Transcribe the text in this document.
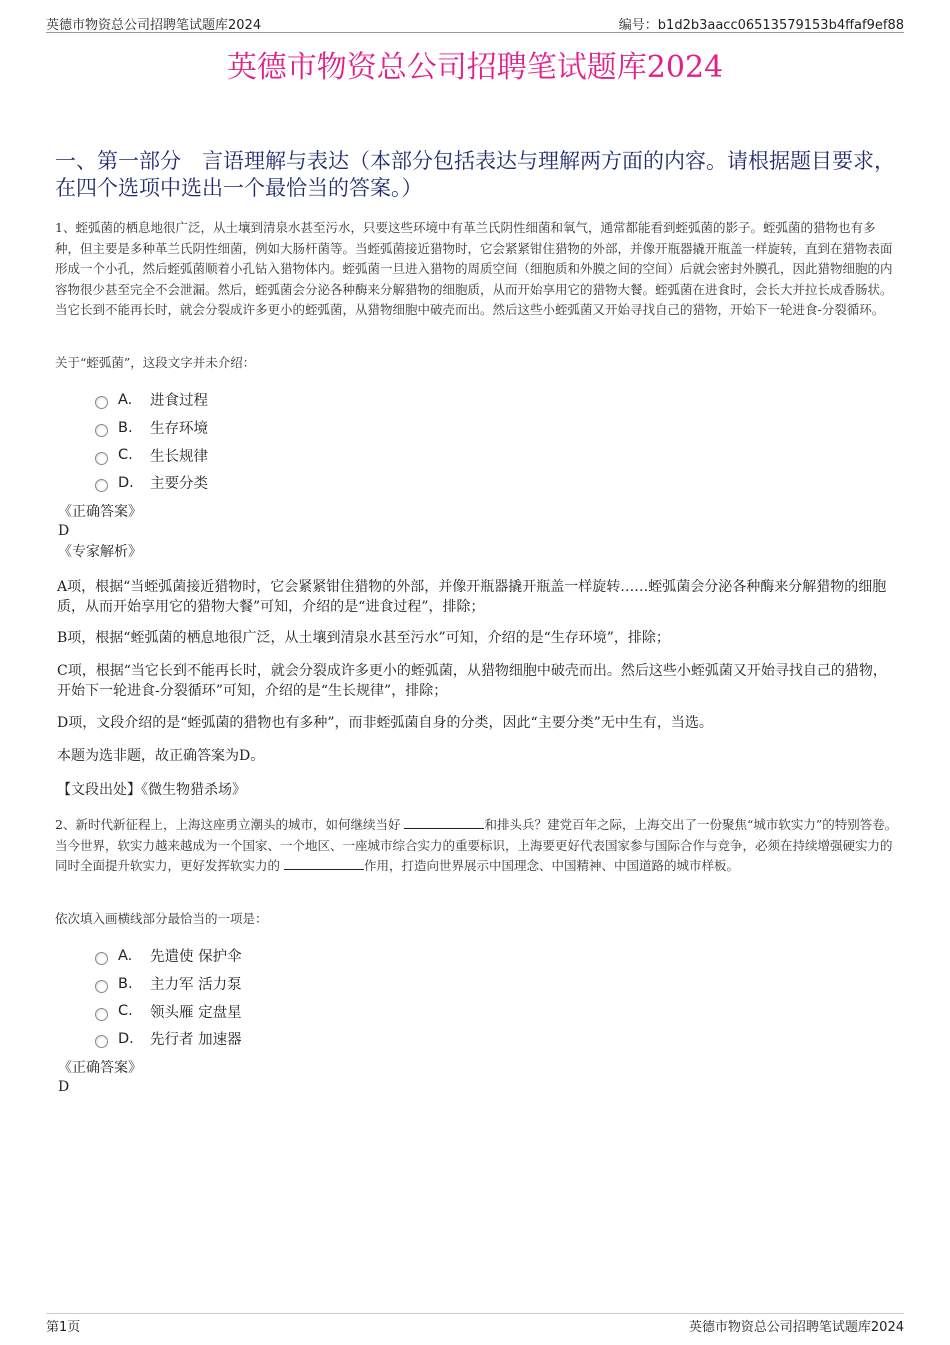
英德市物资总公司招聘笔试题库2024	编号：b1d2b3aacc06513579153b4ffaf9ef88
英德市物资总公司招聘笔试题库2024
一、第一部分　言语理解与表达（本部分包括表达与理解两方面的内容。请根据题目要求，在四个选项中选出一个最恰当的答案。）
1、蛭弧菌的栖息地很广泛，从土壤到清泉水甚至污水，只要这些环境中有革兰氏阴性细菌和氧气，通常都能看到蛭弧菌的影子。蛭弧菌的猎物也有多种，但主要是多种革兰氏阴性细菌，例如大肠杆菌等。当蛭弧菌接近猎物时，它会紧紧钳住猎物的外部，并像开瓶器撬开瓶盖一样旋转，直到在猎物表面形成一个小孔，然后蛭弧菌顺着小孔钻入猎物体内。蛭弧菌一旦进入猎物的周质空间（细胞质和外膜之间的空间）后就会密封外膜孔，因此猎物细胞的内容物很少甚至完全不会泄漏。然后，蛭弧菌会分泌各种酶来分解猎物的细胞质，从而开始享用它的猎物大餐。蛭弧菌在进食时，会长大并拉长成香肠状。当它长到不能再长时，就会分裂成许多更小的蛭弧菌，从猎物细胞中破壳而出。然后这些小蛭弧菌又开始寻找自己的猎物，开始下一轮进食-分裂循环。
关于“蛭弧菌”，这段文字并未介绍：
A.	进食过程
B.	生存环境
C.	生长规律
D.	主要分类
《正确答案》
D
《专家解析》
A项，根据“当蛭弧菌接近猎物时，它会紧紧钳住猎物的外部，并像开瓶器撬开瓶盖一样旋转……蛭弧菌会分泌各种酶来分解猎物的细胞质，从而开始享用它的猎物大餐”可知，介绍的是“进食过程”，排除；
B项，根据“蛭弧菌的栖息地很广泛，从土壤到清泉水甚至污水”可知，介绍的是“生存环境”，排除；
C项，根据“当它长到不能再长时，就会分裂成许多更小的蛭弧菌，从猎物细胞中破壳而出。然后这些小蛭弧菌又开始寻找自己的猎物，开始下一轮进食-分裂循环”可知，介绍的是“生长规律”，排除；
D项，文段介绍的是“蛭弧菌的猎物也有多种”，而非蛭弧菌自身的分类，因此“主要分类”无中生有，当选。
本题为选非题，故正确答案为D。
【文段出处】《微生物猎杀场》
2、新时代新征程上，上海这座勇立潮头的城市，如何继续当好	和排头兵？建党百年之际，上海交出了一份聚焦“城市软实力”的特别答卷。当今世界，软实力越来越成为一个国家、一个地区、一座城市综合实力的重要标识，上海要更好代表国家参与国际合作与竞争，必须在持续增强硬实力的同时全面提升软实力，更好发挥软实力的	作用，打造向世界展示中国理念、中国精神、中国道路的城市样板。
依次填入画横线部分最恰当的一项是：
A.	先遣使 保护伞
B.	主力军 活力泵
C.	领头雁 定盘星
D.	先行者 加速器
《正确答案》
D
第1页	英德市物资总公司招聘笔试题库2024
